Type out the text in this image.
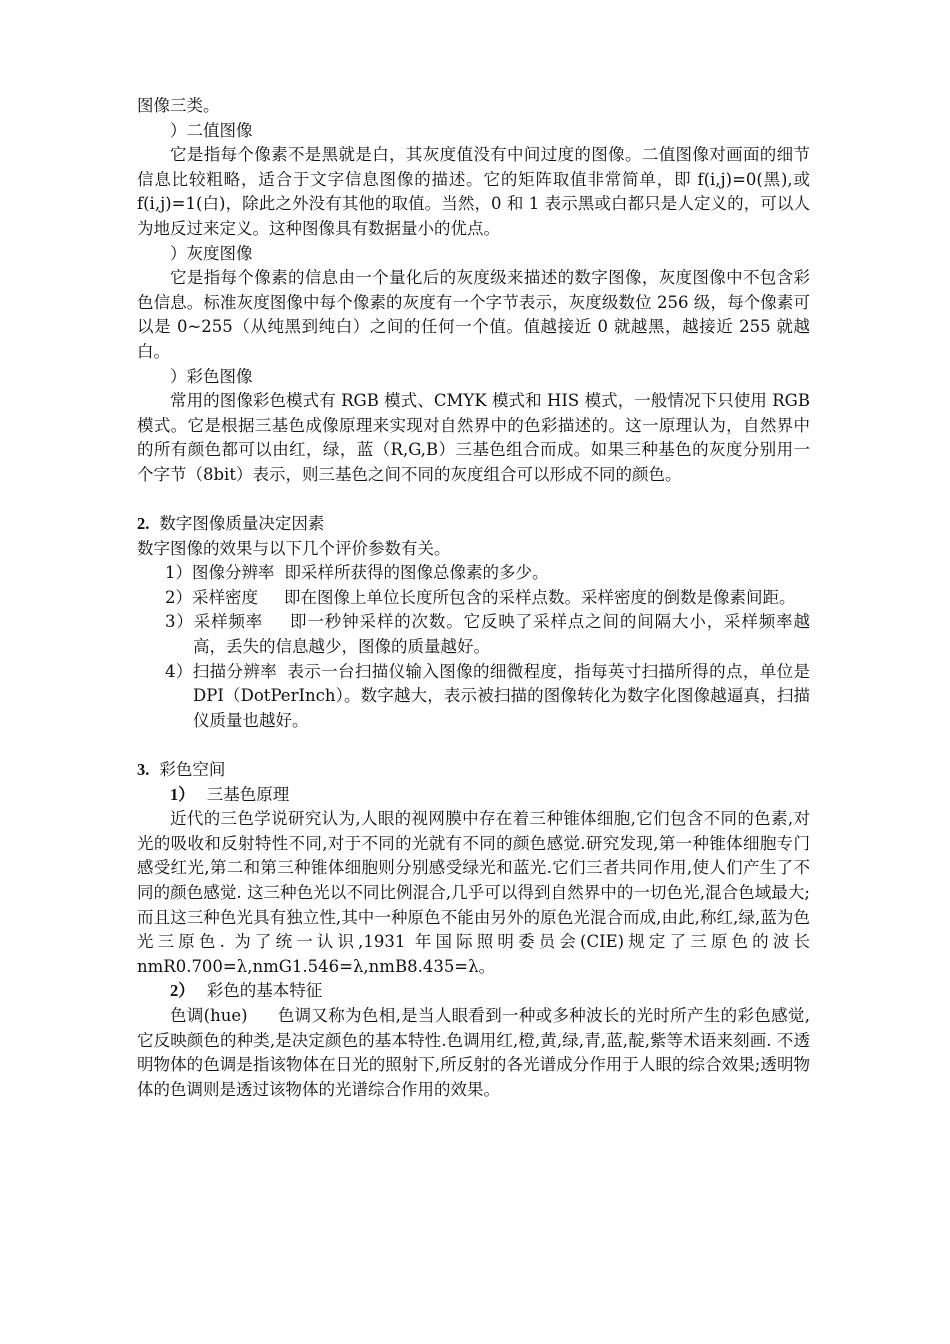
图像三类。

）二值图像

它是指每个像素不是黑就是白，其灰度值没有中间过度的图像。二值图像对画面的细节信息比较粗略，适合于文字信息图像的描述。它的矩阵取值非常简单，即 f(i,j)=0(黑),或 f(i,j)=1(白)，除此之外没有其他的取值。当然，0 和 1 表示黑或白都只是人定义的，可以人为地反过来定义。这种图像具有数据量小的优点。

）灰度图像

它是指每个像素的信息由一个量化后的灰度级来描述的数字图像，灰度图像中不包含彩色信息。标准灰度图像中每个像素的灰度有一个字节表示，灰度级数位 256 级，每个像素可以是 0~255（从纯黑到纯白）之间的任何一个值。值越接近 0 就越黑，越接近 255 就越白。

）彩色图像

常用的图像彩色模式有 RGB 模式、CMYK 模式和 HIS 模式，一般情况下只使用 RGB 模式。它是根据三基色成像原理来实现对自然界中的色彩描述的。这一原理认为，自然界中的所有颜色都可以由红，绿，蓝（R,G,B）三基色组合而成。如果三种基色的灰度分别用一个字节（8bit）表示，则三基色之间不同的灰度组合可以形成不同的颜色。

2. 数字图像质量决定因素

数字图像的效果与以下几个评价参数有关。

1）图像分辨率 即采样所获得的图像总像素的多少。

2）采样密度 即在图像上单位长度所包含的采样点数。采样密度的倒数是像素间距。

3）采样频率 即一秒钟采样的次数。它反映了采样点之间的间隔大小，采样频率越高，丢失的信息越少，图像的质量越好。

4）扫描分辨率 表示一台扫描仪输入图像的细微程度，指每英寸扫描所得的点，单位是 DPI（DotPerInch）。数字越大，表示被扫描的图像转化为数字化图像越逼真，扫描仪质量也越好。

3. 彩色空间

1） 三基色原理

近代的三色学说研究认为,人眼的视网膜中存在着三种锥体细胞,它们包含不同的色素,对光的吸收和反射特性不同,对于不同的光就有不同的颜色感觉.研究发现,第一种锥体细胞专门感受红光,第二和第三种锥体细胞则分别感受绿光和蓝光.它们三者共同作用,使人们产生了不同的颜色感觉. 这三种色光以不同比例混合,几乎可以得到自然界中的一切色光,混合色域最大;而且这三种色光具有独立性,其中一种原色不能由另外的原色光混合而成,由此,称红,绿,蓝为色光三原色. 为了统一认识,1931 年国际照明委员会(CIE)规定了三原色的波长 nmR0.700=λ,nmG1.546=λ,nmB8.435=λ。

2） 彩色的基本特征

色调(hue) 色调又称为色相,是当人眼看到一种或多种波长的光时所产生的彩色感觉,它反映颜色的种类,是决定颜色的基本特性.色调用红,橙,黄,绿,青,蓝,靛,紫等术语来刻画. 不透明物体的色调是指该物体在日光的照射下,所反射的各光谱成分作用于人眼的综合效果;透明物体的色调则是透过该物体的光谱综合作用的效果。
